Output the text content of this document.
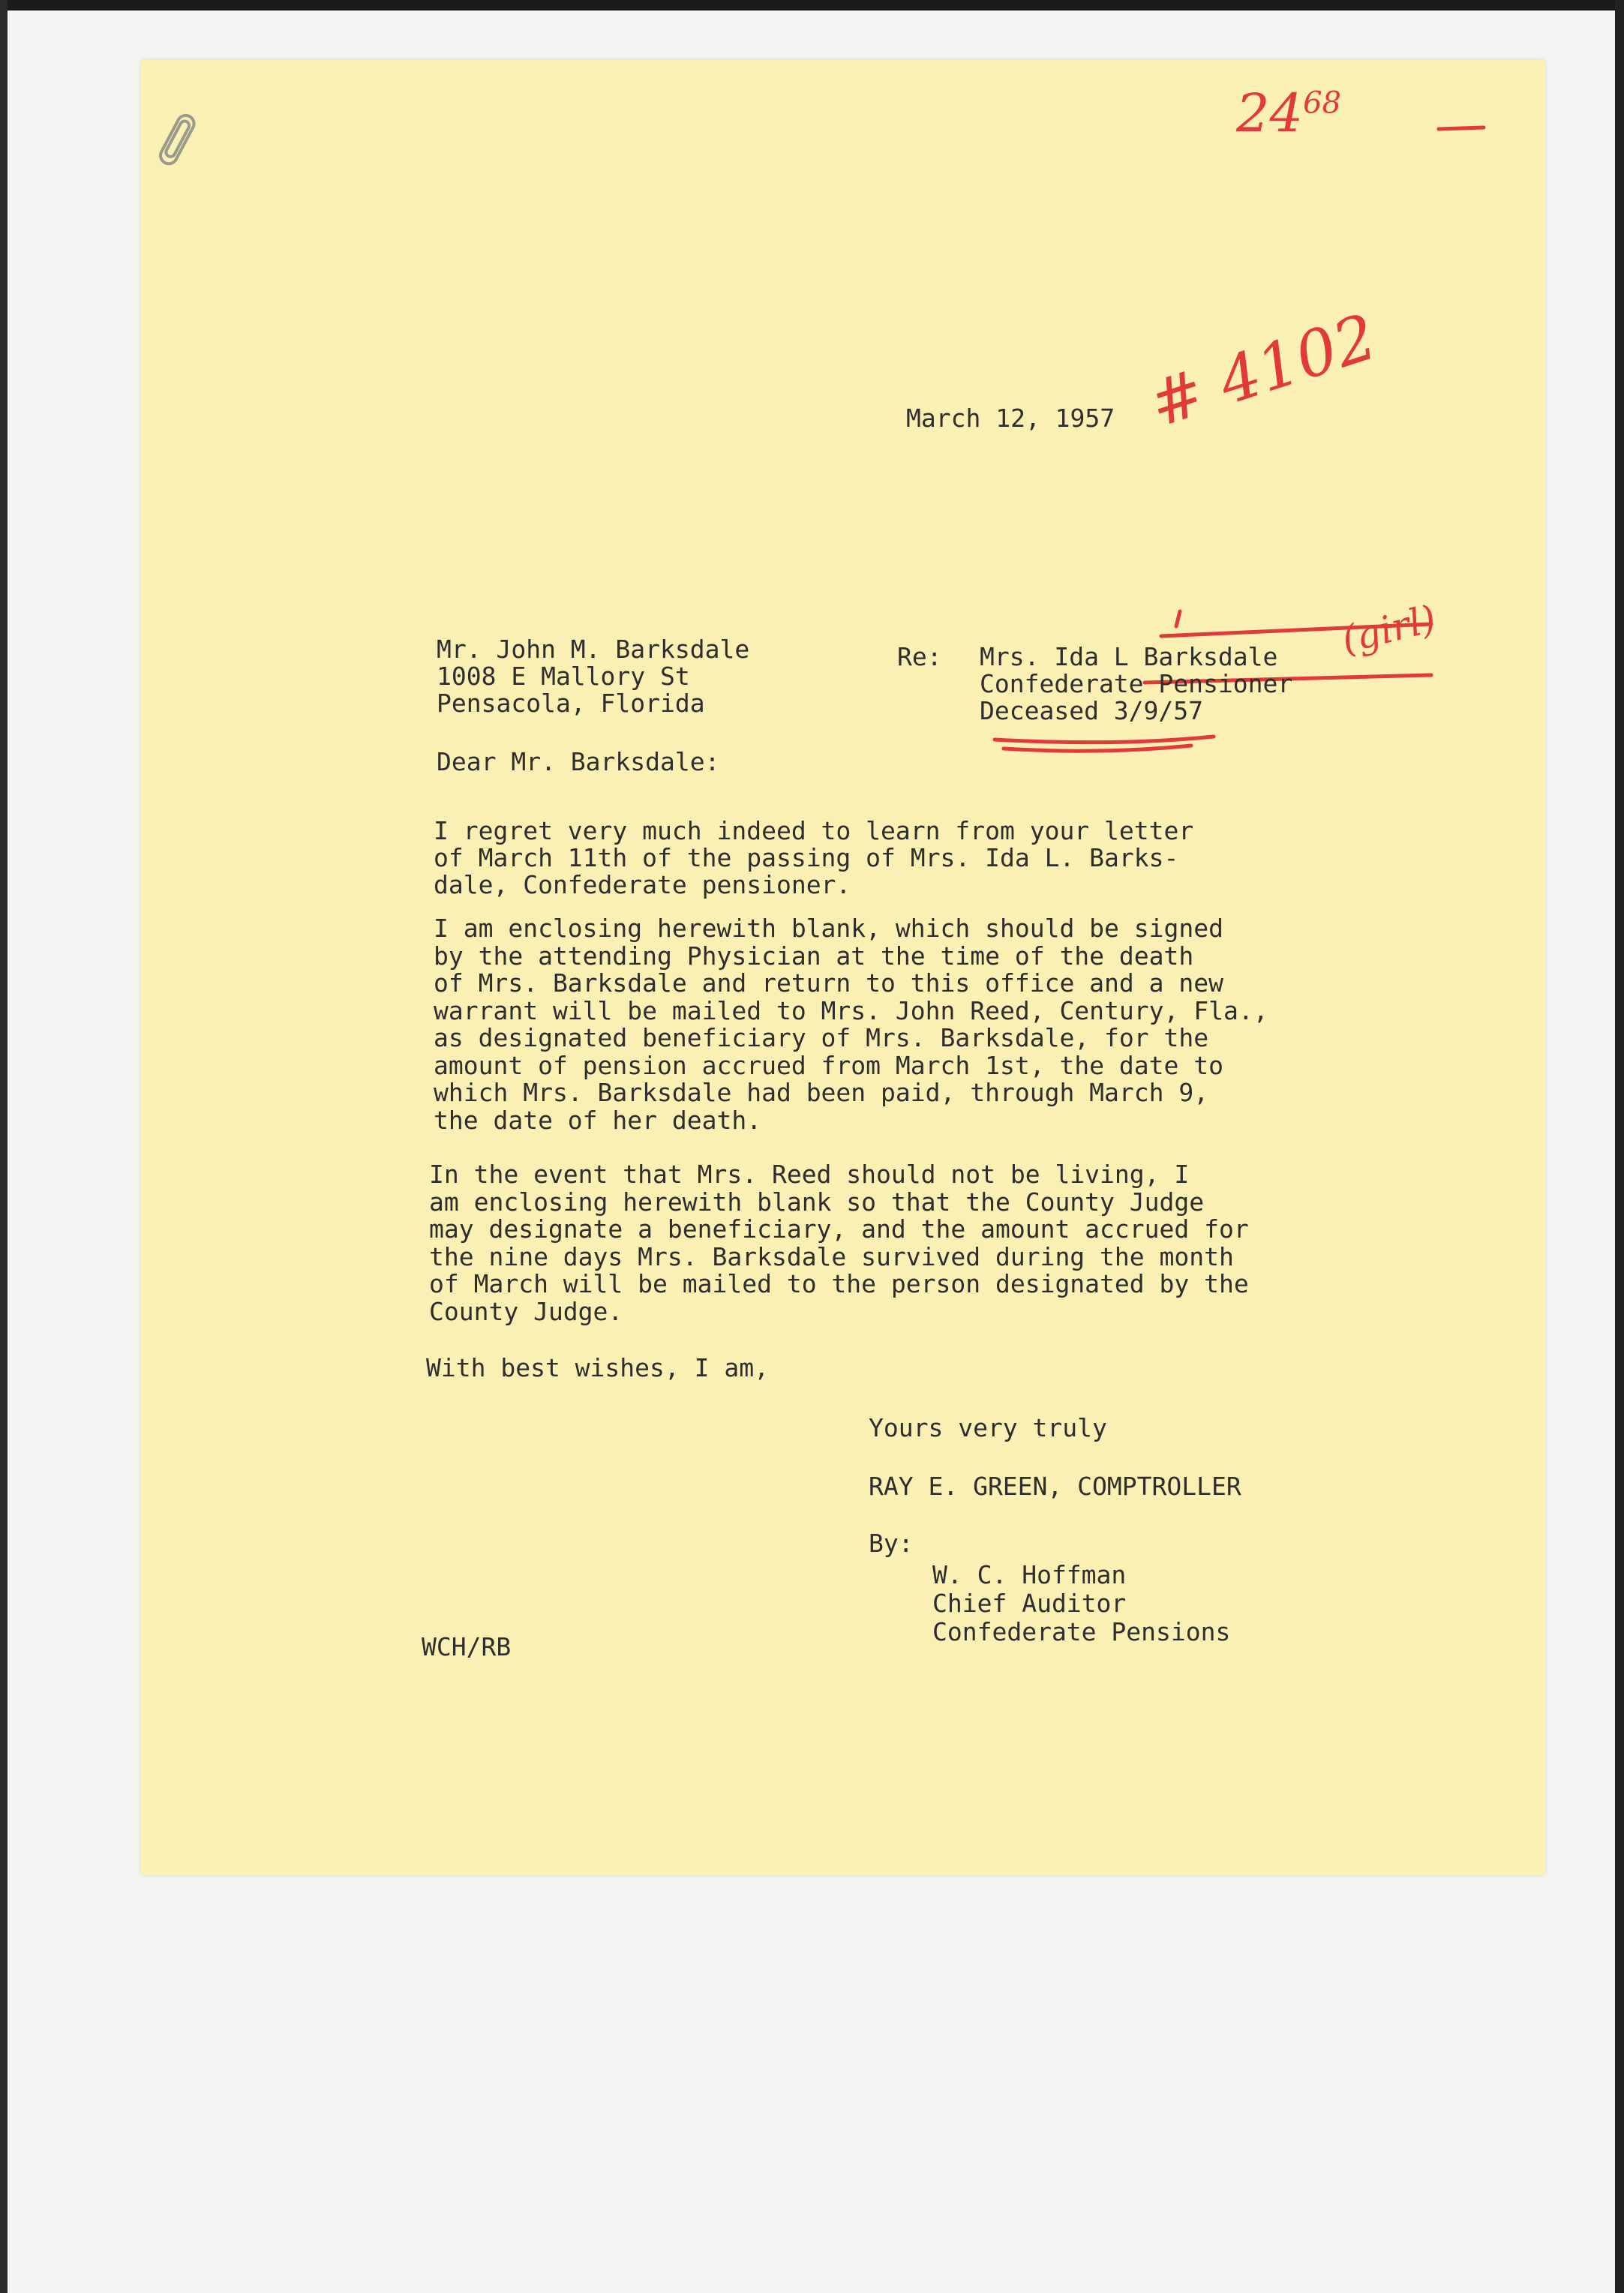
$24^{68}$
# 4102
(girl)

March 12, 1957

Mr. John M. Barksdale

1008 E Mallory St

Pensacola, Florida

Re: Mrs. Ida L Barksdale

Confederate Pensioner

Deceased 3/9/57

Dear Mr. Barksdale:

I regret very much indeed to learn from your letter
of March 11th of the passing of Mrs. Ida L. Barks-
dale, Confederate pensioner.

I am enclosing herewith blank, which should be signed
by the attending Physician at the time of the death
of Mrs. Barksdale and return to this office and a new
warrant will be mailed to Mrs. John Reed, Century, Fla.,
as designated beneficiary of Mrs. Barksdale, for the
amount of pension accrued from March 1st, the date to
which Mrs. Barksdale had been paid, through March 9,
the date of her death.

In the event that Mrs. Reed should not be living, I
am enclosing herewith blank so that the County Judge
may designate a beneficiary, and the amount accrued for
the nine days Mrs. Barksdale survived during the month
of March will be mailed to the person designated by the
County Judge.

With best wishes, I am,

Yours very truly

RAY E. GREEN, COMPTROLLER

By:

W. C. Hoffman

Chief Auditor

Confederate Pensions

WCH/RB
